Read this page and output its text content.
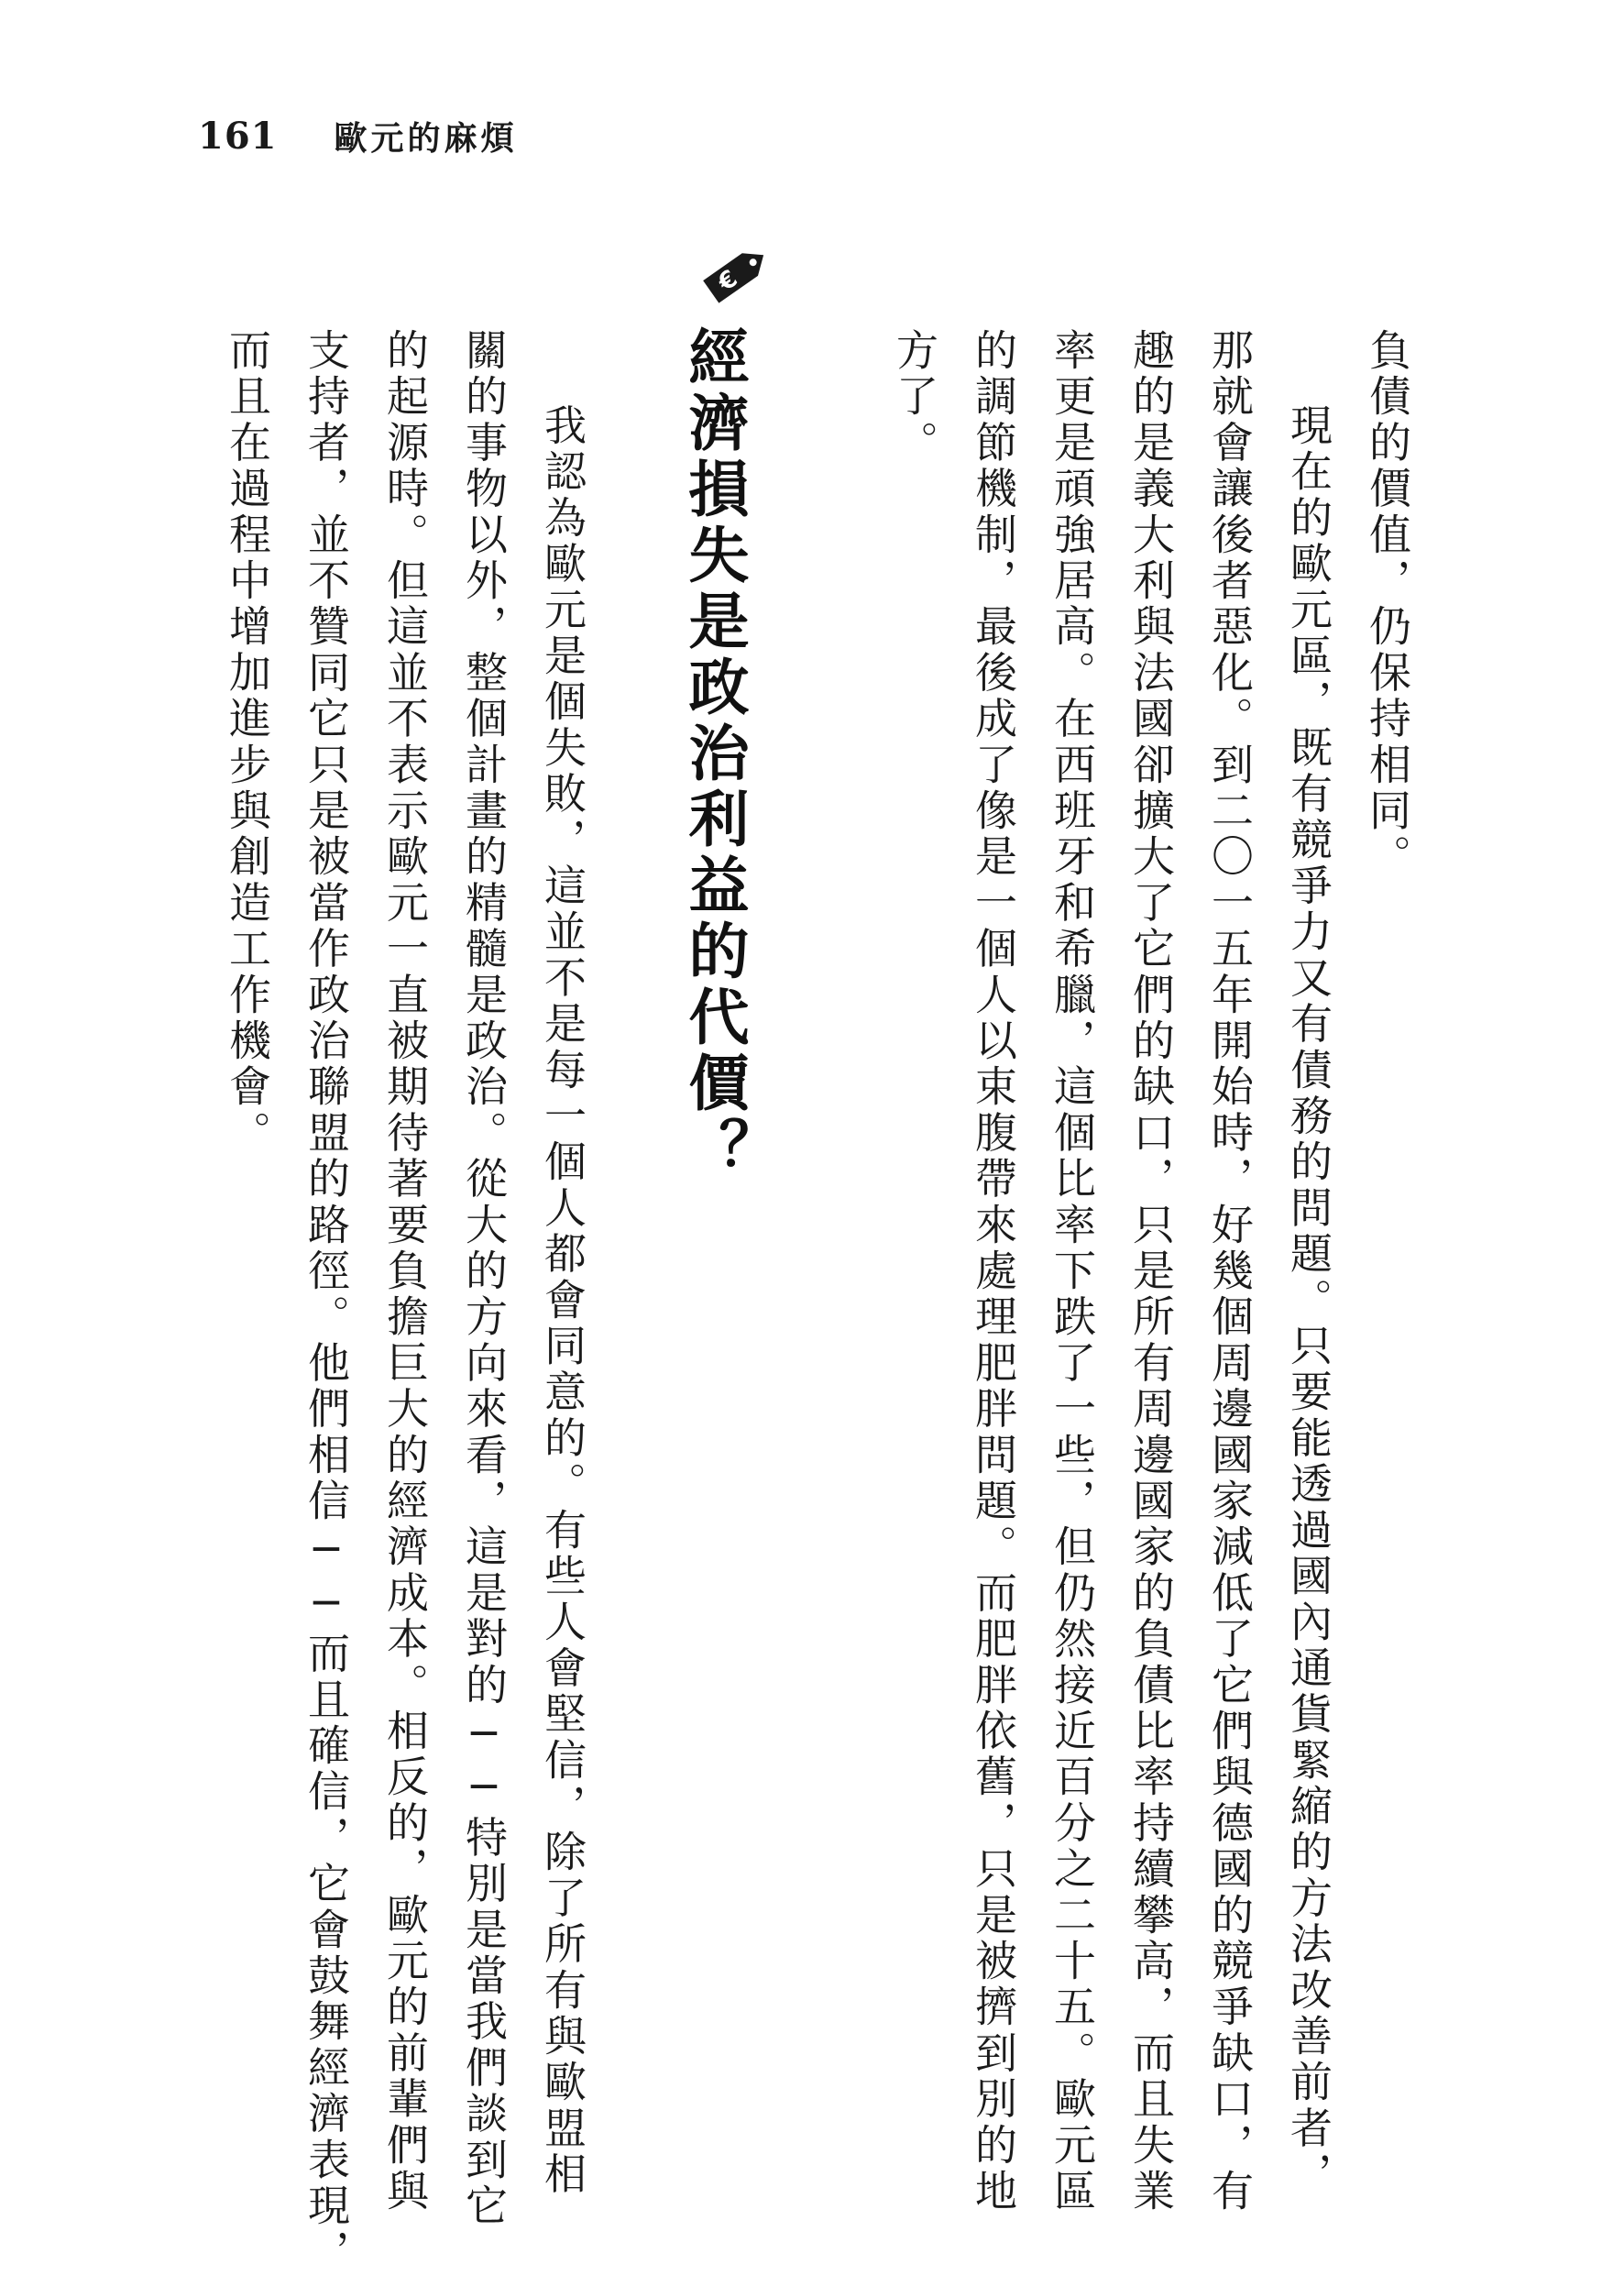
161 歐元的麻煩
負債的價值，仍保持相同。
現在的歐元區，既有競爭力又有債務的問題。只要能透過國內通貨緊縮的方法改善前者，
那就會讓後者惡化。到二〇一五年開始時，好幾個周邊國家減低了它們與德國的競爭缺口，有
趣的是義大利與法國卻擴大了它們的缺口，只是所有周邊國家的負債比率持續攀高，而且失業
率更是頑強居高。在西班牙和希臘，這個比率下跌了一些，但仍然接近百分之二十五。歐元區
的調節機制，最後成了像是一個人以束腹帶來處理肥胖問題。而肥胖依舊，只是被擠到別的地
方了。
€
經濟損失是政治利益的代價？
我認為歐元是個失敗，這並不是每一個人都會同意的。有些人會堅信，除了所有與歐盟相
關的事物以外，整個計畫的精髓是政治。從大的方向來看，這是對的──特別是當我們談到它
的起源時。但這並不表示歐元一直被期待著要負擔巨大的經濟成本。相反的，歐元的前輩們與
支持者，並不贊同它只是被當作政治聯盟的路徑。他們相信──而且確信，它會鼓舞經濟表現，
而且在過程中增加進步與創造工作機會。
